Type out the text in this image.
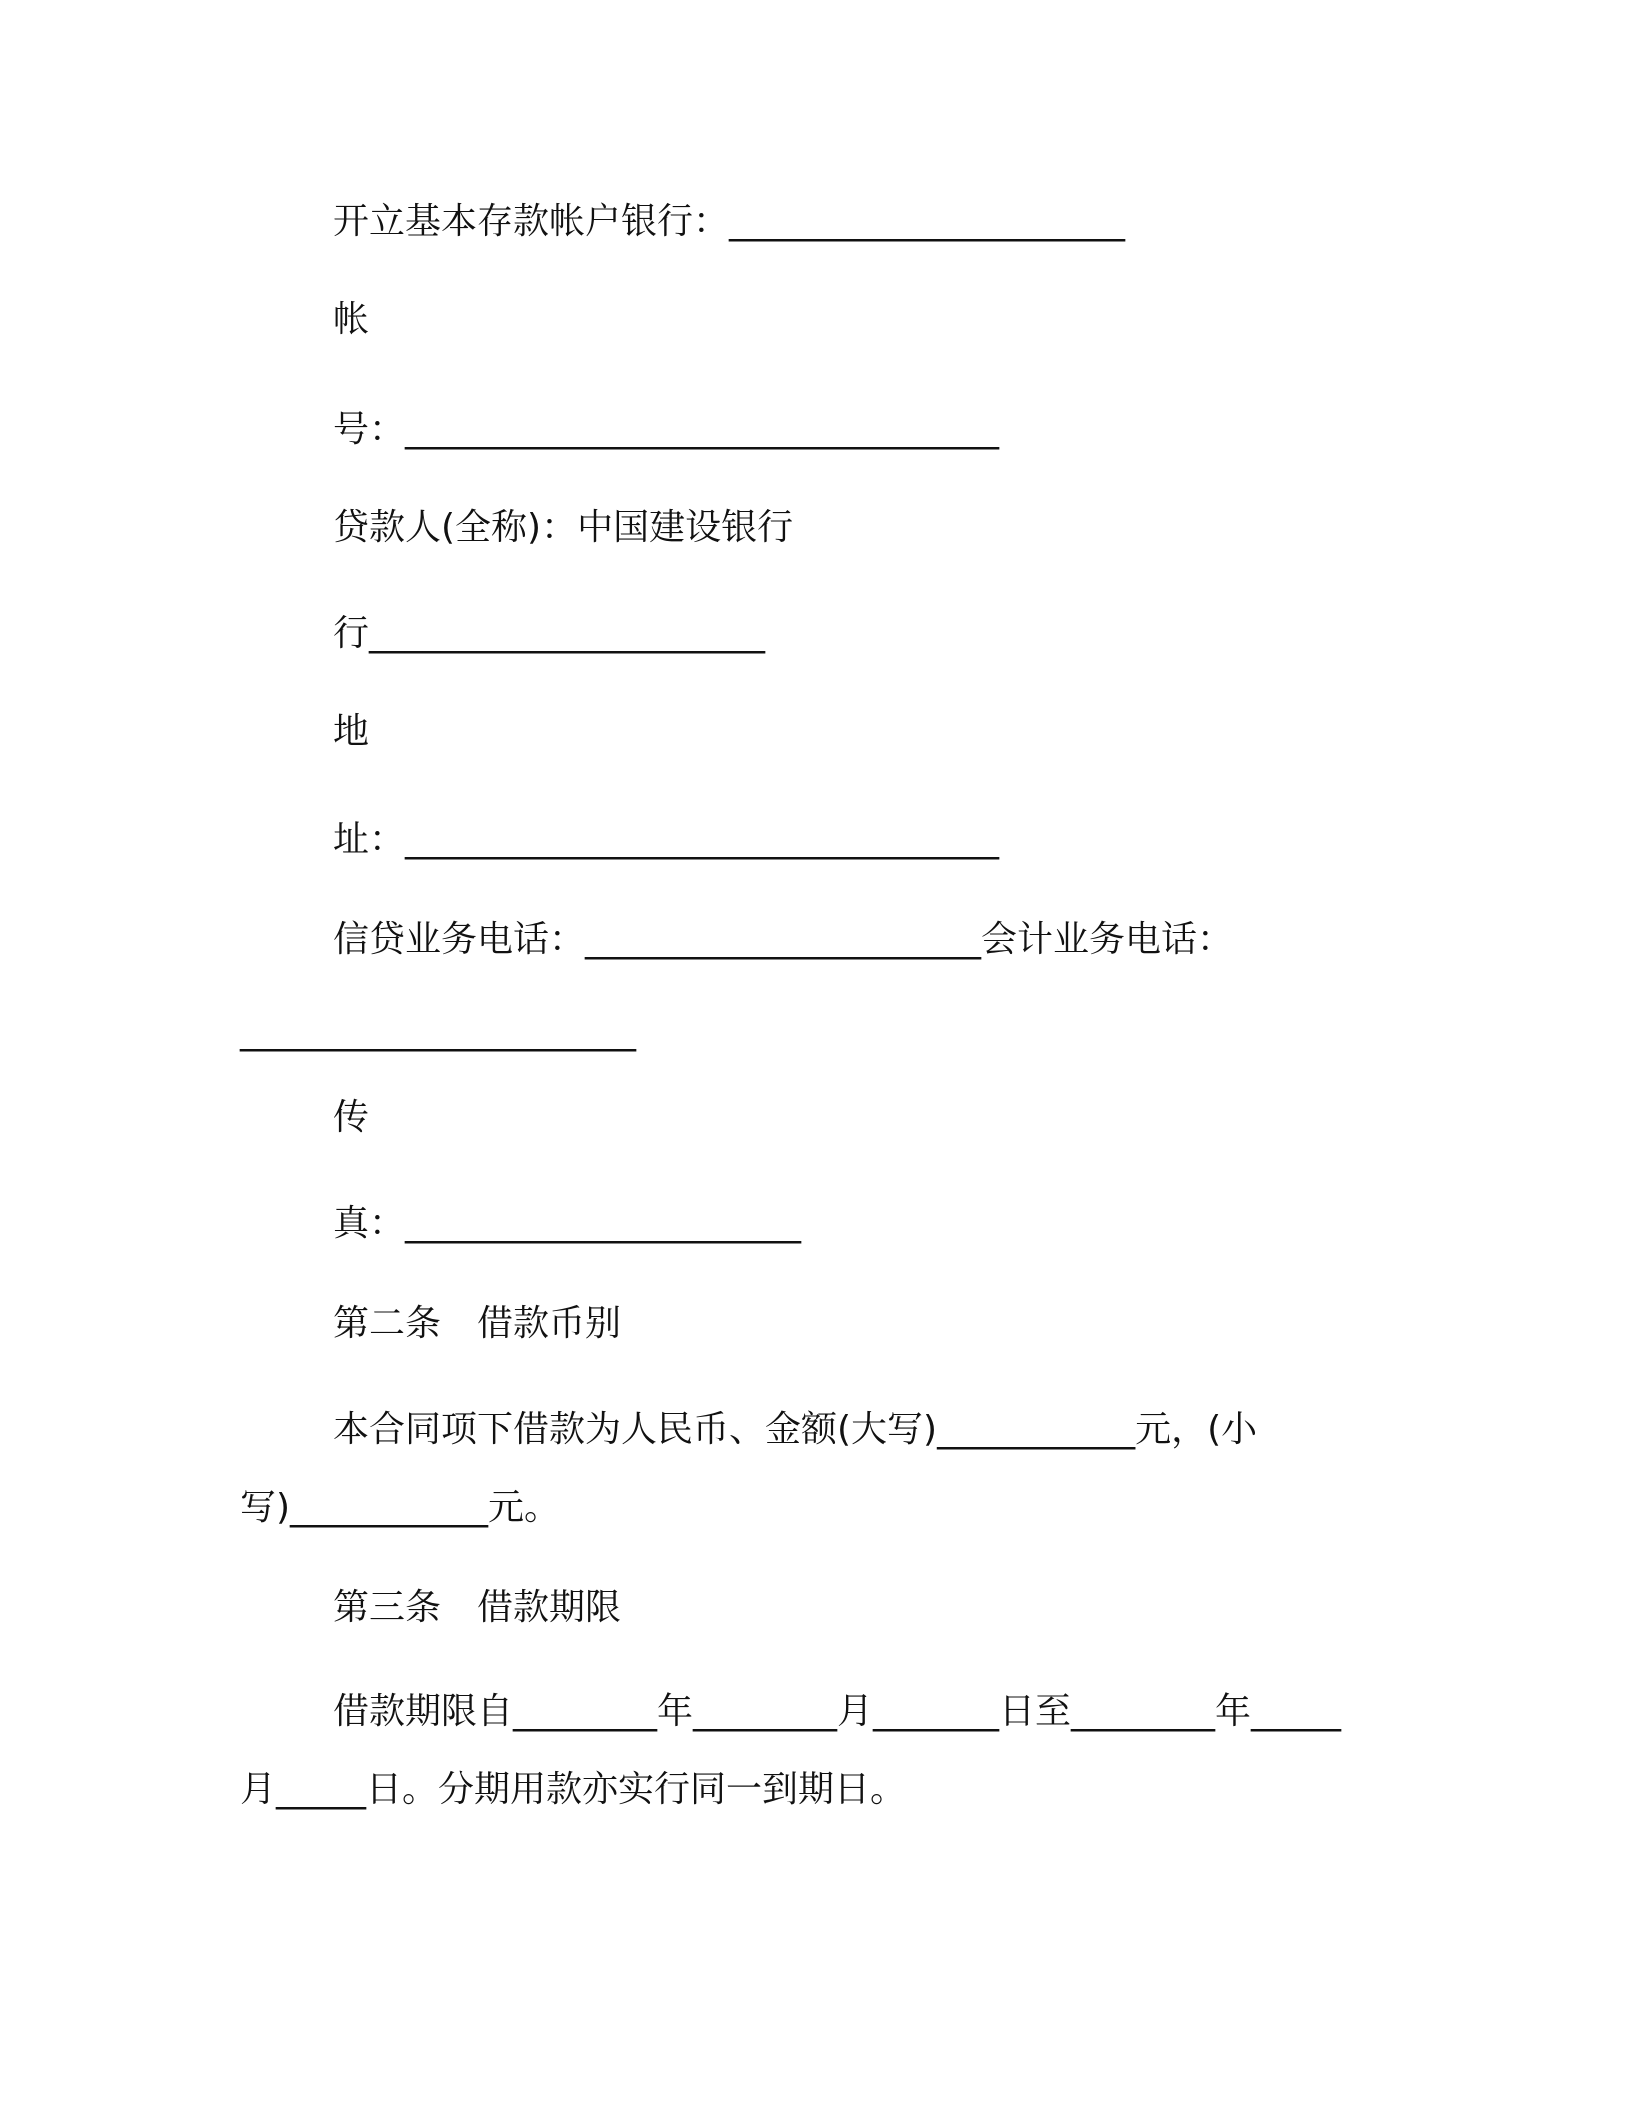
开立基本存款帐户银行：______________________
帐
号：_________________________________
贷款人(全称)：中国建设银行
行______________________
地
址：_________________________________
信贷业务电话：______________________会计业务电话：
______________________
传
真：______________________
第二条　借款币别
本合同项下借款为人民币、金额(大写)___________元，(小
写)___________元。
第三条　借款期限
借款期限自________年________月_______日至________年_____
月_____日。分期用款亦实行同一到期日。
